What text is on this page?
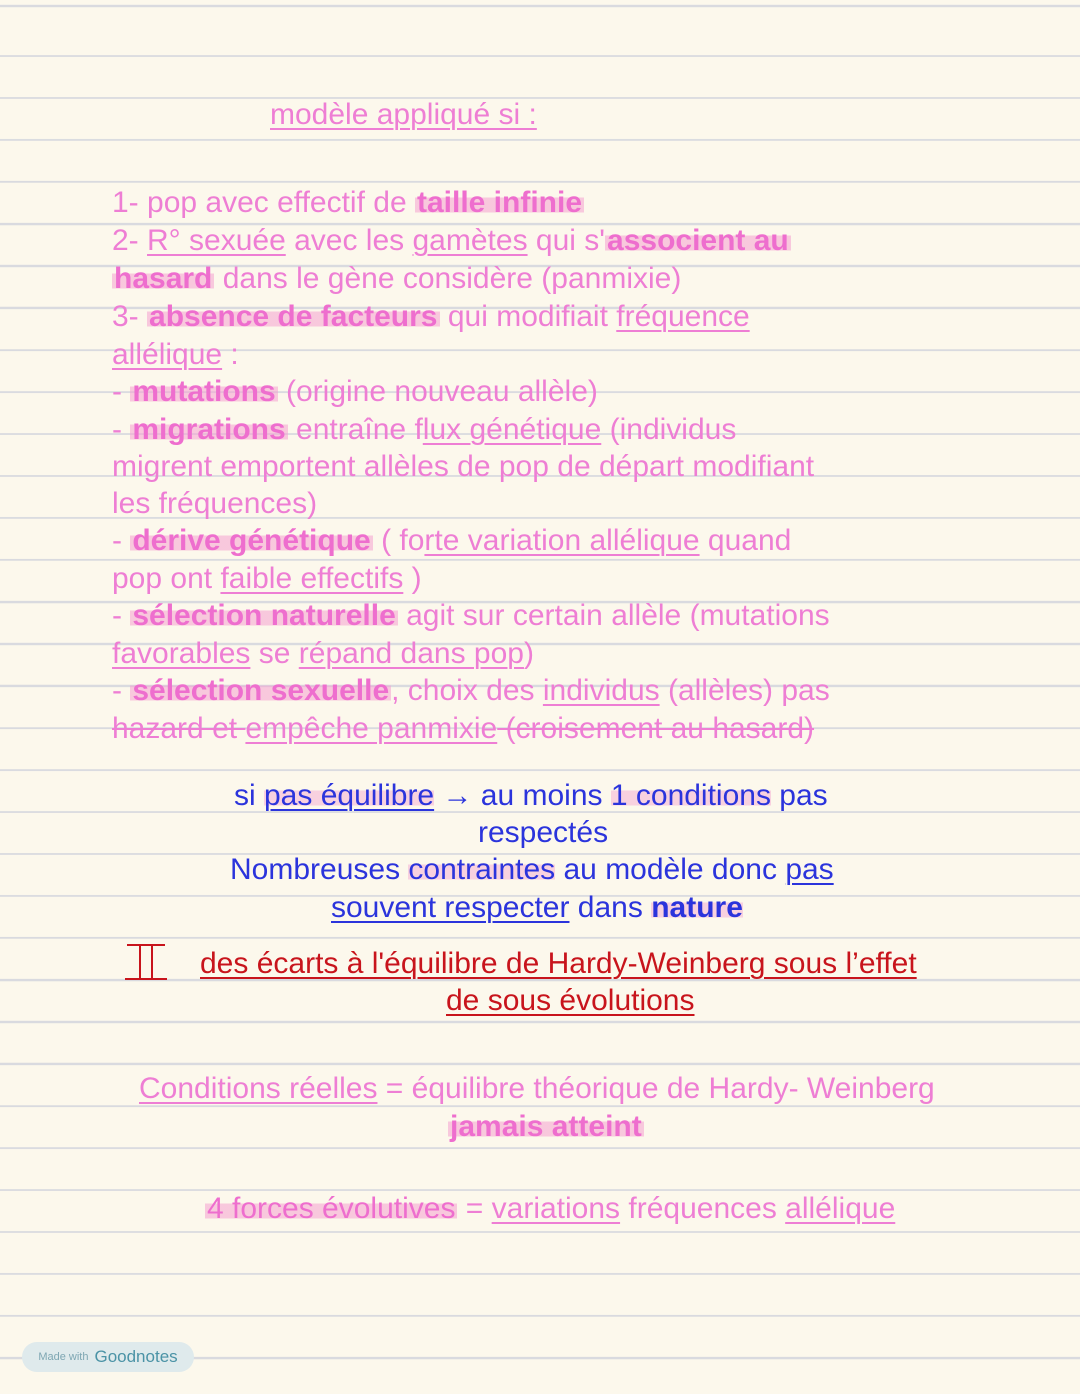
modèle appliqué si :
1- pop avec effectif de taille infinie
2- R° sexuée avec les gamètes qui s'associent au
hasard dans le gène considère (panmixie)
3- absence de facteurs qui modifiait fréquence
allélique :
- mutations (origine nouveau allèle)
- migrations entraîne flux génétique (individus
migrent emportent allèles de pop de départ modifiant
les fréquences)
- dérive génétique ( forte variation allélique quand
pop ont faible effectifs )
- sélection naturelle agit sur certain allèle (mutations
favorables se répand dans pop)
- sélection sexuelle, choix des individus (allèles) pas
hazard et empêche panmixie (croisement au hasard)
si pas équilibre → au moins 1 conditions pas
respectés
Nombreuses contraintes au modèle donc pas
souvent respecter dans nature
des écarts à l'équilibre de Hardy-Weinberg sous l’effet
de sous évolutions
Conditions réelles = équilibre théorique de Hardy- Weinberg
jamais atteint
4 forces évolutives = variations fréquences allélique
Made with Goodnotes
